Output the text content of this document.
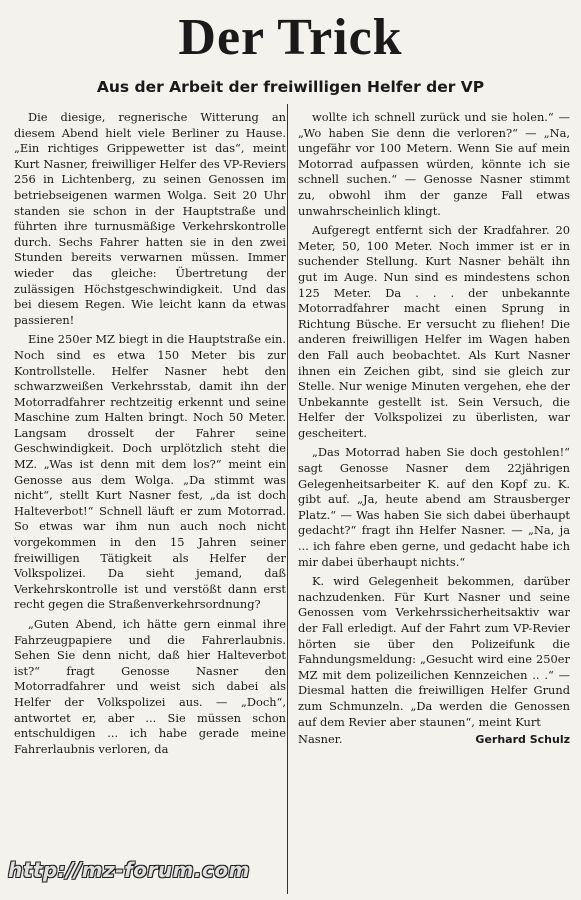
Der Trick
Aus der Arbeit der freiwilligen Helfer der VP

Die diesige, regnerische Witterung an diesem Abend hielt viele Berliner zu Hause. „Ein richtiges Grippewetter ist das“, meint Kurt Nasner, freiwilliger Helfer des VP-Reviers 256 in Lichtenberg, zu seinen Genossen im betriebseigenen warmen Wolga. Seit 20 Uhr standen sie schon in der Hauptstraße und führten ihre turnusmäßige Verkehrskontrolle durch. Sechs Fahrer hatten sie in den zwei Stunden bereits verwarnen müssen. Immer wieder das gleiche: Übertretung der zulässigen Höchstgeschwindigkeit. Und das bei diesem Regen. Wie leicht kann da etwas passieren!

Eine 250er MZ biegt in die Hauptstraße ein. Noch sind es etwa 150 Meter bis zur Kontrollstelle. Helfer Nasner hebt den schwarzweißen Verkehrsstab, damit ihn der Motorradfahrer rechtzeitig erkennt und seine Maschine zum Halten bringt. Noch 50 Meter. Langsam drosselt der Fahrer seine Geschwindigkeit. Doch urplötzlich steht die MZ. „Was ist denn mit dem los?“ meint ein Genosse aus dem Wolga. „Da stimmt was nicht“, stellt Kurt Nasner fest, „da ist doch Halteverbot!“ Schnell läuft er zum Motorrad. So etwas war ihm nun auch noch nicht vorgekommen in den 15 Jahren seiner freiwilligen Tätigkeit als Helfer der Volkspolizei. Da sieht jemand, daß Verkehrskontrolle ist und verstößt dann erst recht gegen die Straßenverkehrsordnung?

„Guten Abend, ich hätte gern einmal ihre Fahrzeugpapiere und die Fahrerlaubnis. Sehen Sie denn nicht, daß hier Halteverbot ist?“ fragt Genosse Nasner den Motorradfahrer und weist sich dabei als Helfer der Volkspolizei aus. — „Doch“, antwortet er, aber ... Sie müssen schon entschuldigen ... ich habe gerade meine Fahrerlaubnis verloren, da

wollte ich schnell zurück und sie holen.“ — „Wo haben Sie denn die verloren?“ — „Na, ungefähr vor 100 Metern. Wenn Sie auf mein Motorrad aufpassen würden, könnte ich sie schnell suchen.“ — Genosse Nasner stimmt zu, obwohl ihm der ganze Fall etwas unwahrscheinlich klingt.

Aufgeregt entfernt sich der Kradfahrer. 20 Meter, 50, 100 Meter. Noch immer ist er in suchender Stellung. Kurt Nasner behält ihn gut im Auge. Nun sind es mindestens schon 125 Meter. Da . . . der unbekannte Motorradfahrer macht einen Sprung in Richtung Büsche. Er versucht zu fliehen! Die anderen freiwilligen Helfer im Wagen haben den Fall auch beobachtet. Als Kurt Nasner ihnen ein Zeichen gibt, sind sie gleich zur Stelle. Nur wenige Minuten vergehen, ehe der Unbekannte gestellt ist. Sein Versuch, die Helfer der Volkspolizei zu überlisten, war gescheitert.

„Das Motorrad haben Sie doch gestohlen!“ sagt Genosse Nasner dem 22jährigen Gelegenheitsarbeiter K. auf den Kopf zu. K. gibt auf. „Ja, heute abend am Strausberger Platz.“ — Was haben Sie sich dabei überhaupt gedacht?“ fragt ihn Helfer Nasner. — „Na, ja ... ich fahre eben gerne, und gedacht habe ich mir dabei überhaupt nichts.“

K. wird Gelegenheit bekommen, darüber nachzudenken. Für Kurt Nasner und seine Genossen vom Verkehrssicherheitsaktiv war der Fall erledigt. Auf der Fahrt zum VP-Revier hörten sie über den Polizeifunk die Fahndungsmeldung: „Gesucht wird eine 250er MZ mit dem polizeilichen Kennzeichen .. .“ — Diesmal hatten die freiwilligen Helfer Grund zum Schmunzeln. „Da werden die Genossen auf dem Revier aber staunen“, meint Kurt

Nasner.	Gerhard Schulz
http://mz-forum.com
